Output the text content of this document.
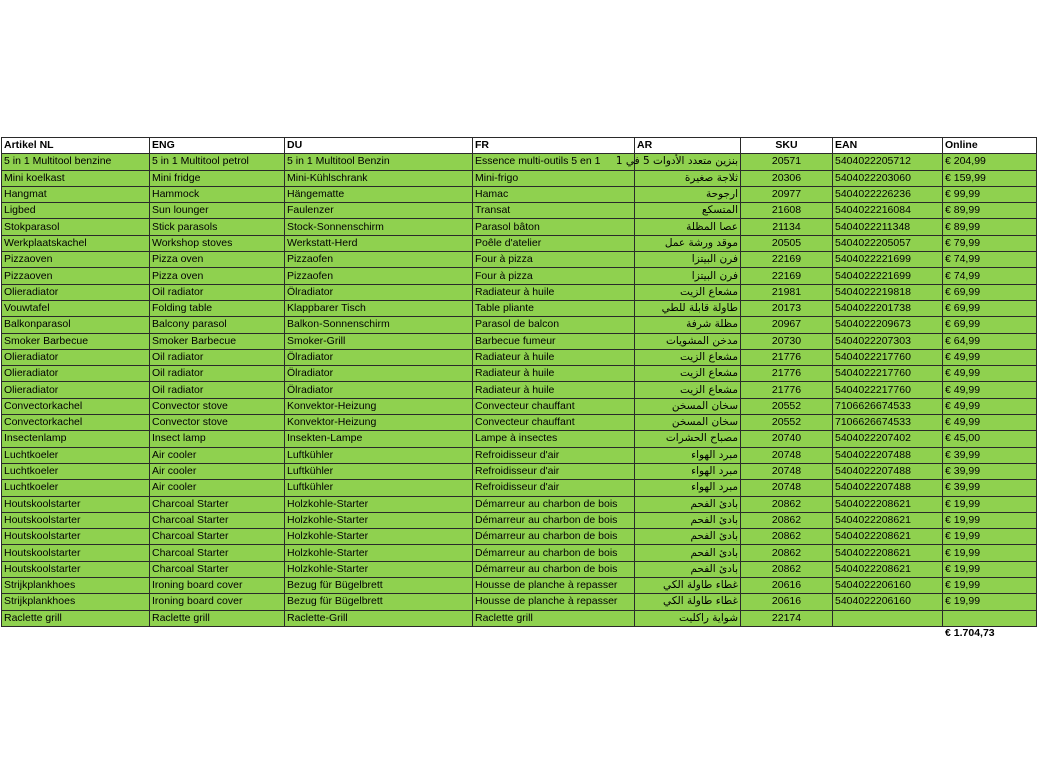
Artikel NL	ENG	DU	FR	AR	SKU	EAN	Online
5 in 1 Multitool benzine	5 in 1 Multitool petrol	5 in 1 Multitool Benzin	Essence multi-outils 5 en 1	بنزين متعدد الأدوات 5 في 1	20571	5404022205712	€ 204,99
Mini koelkast	Mini fridge	Mini-Kühlschrank	Mini-frigo	ثلاجة صغيرة	20306	5404022203060	€ 159,99
Hangmat	Hammock	Hängematte	Hamac	ارجوحة	20977	5404022226236	€ 99,99
Ligbed	Sun lounger	Faulenzer	Transat	المتسكع	21608	5404022216084	€ 89,99
Stokparasol	Stick parasols	Stock-Sonnenschirm	Parasol bâton	عصا المظلة	21134	5404022211348	€ 89,99
Werkplaatskachel	Workshop stoves	Werkstatt-Herd	Poêle d'atelier	موقد ورشة عمل	20505	5404022205057	€ 79,99
Pizzaoven	Pizza oven	Pizzaofen	Four à pizza	فرن البيتزا	22169	5404022221699	€ 74,99
Pizzaoven	Pizza oven	Pizzaofen	Four à pizza	فرن البيتزا	22169	5404022221699	€ 74,99
Olieradiator	Oil radiator	Ölradiator	Radiateur à huile	مشعاع الزيت	21981	5404022219818	€ 69,99
Vouwtafel	Folding table	Klappbarer Tisch	Table pliante	طاولة قابلة للطي	20173	5404022201738	€ 69,99
Balkonparasol	Balcony parasol	Balkon-Sonnenschirm	Parasol de balcon	مظلة شرفة	20967	5404022209673	€ 69,99
Smoker Barbecue	Smoker Barbecue	Smoker-Grill	Barbecue fumeur	مدخن المشويات	20730	5404022207303	€ 64,99
Olieradiator	Oil radiator	Ölradiator	Radiateur à huile	مشعاع الزيت	21776	5404022217760	€ 49,99
Olieradiator	Oil radiator	Ölradiator	Radiateur à huile	مشعاع الزيت	21776	5404022217760	€ 49,99
Olieradiator	Oil radiator	Ölradiator	Radiateur à huile	مشعاع الزيت	21776	5404022217760	€ 49,99
Convectorkachel	Convector stove	Konvektor-Heizung	Convecteur chauffant	سخان المسخن	20552	7106626674533	€ 49,99
Convectorkachel	Convector stove	Konvektor-Heizung	Convecteur chauffant	سخان المسخن	20552	7106626674533	€ 49,99
Insectenlamp	Insect lamp	Insekten-Lampe	Lampe à insectes	مصباح الحشرات	20740	5404022207402	€ 45,00
Luchtkoeler	Air cooler	Luftkühler	Refroidisseur d'air	مبرد الهواء	20748	5404022207488	€ 39,99
Luchtkoeler	Air cooler	Luftkühler	Refroidisseur d'air	مبرد الهواء	20748	5404022207488	€ 39,99
Luchtkoeler	Air cooler	Luftkühler	Refroidisseur d'air	مبرد الهواء	20748	5404022207488	€ 39,99
Houtskoolstarter	Charcoal Starter	Holzkohle-Starter	Démarreur au charbon de bois	بادئ الفحم	20862	5404022208621	€ 19,99
Houtskoolstarter	Charcoal Starter	Holzkohle-Starter	Démarreur au charbon de bois	بادئ الفحم	20862	5404022208621	€ 19,99
Houtskoolstarter	Charcoal Starter	Holzkohle-Starter	Démarreur au charbon de bois	بادئ الفحم	20862	5404022208621	€ 19,99
Houtskoolstarter	Charcoal Starter	Holzkohle-Starter	Démarreur au charbon de bois	بادئ الفحم	20862	5404022208621	€ 19,99
Houtskoolstarter	Charcoal Starter	Holzkohle-Starter	Démarreur au charbon de bois	بادئ الفحم	20862	5404022208621	€ 19,99
Strijkplankhoes	Ironing board cover	Bezug für Bügelbrett	Housse de planche à repasser	غطاء طاولة الكي	20616	5404022206160	€ 19,99
Strijkplankhoes	Ironing board cover	Bezug für Bügelbrett	Housse de planche à repasser	غطاء طاولة الكي	20616	5404022206160	€ 19,99
Raclette grill	Raclette grill	Raclette-Grill	Raclette grill	شواية راكليت	22174		
€ 1.704,73
